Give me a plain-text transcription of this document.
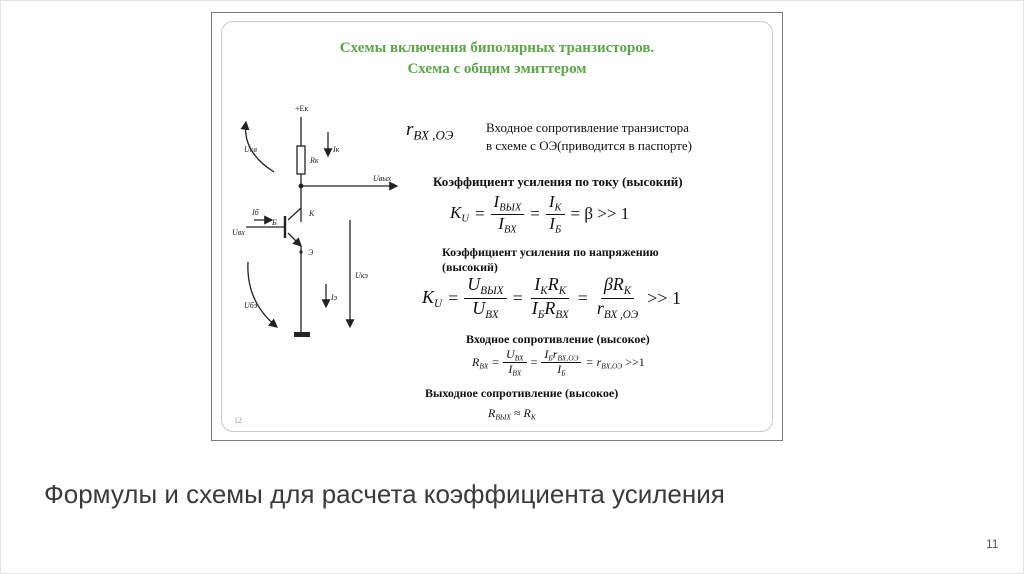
Схемы включения биполярных транзисторов.
Схема с общим эмиттером
+Eк
Rк
Iк
Uвых
Iб
Б
К
Э
Uвх
Uкэ
Iэ
Uкв
Uбэ
12
$r_{ВХ ,ОЭ}$
Входное сопротивление транзистора
в схеме с ОЭ(приводится в паспорте)
Коэффициент усиления по току (высокий)
$K_U = \frac{I_{ВЫХ}}{I_{ВХ}} = \frac{I_К}{I_Б} = \beta >> 1$
Коэффициент усиления по напряжению
(высокий)
$K_U = \frac{U_{ВЫХ}}{U_{ВХ}} = \frac{I_КR_К}{I_БR_{ВХ}} = \frac{\beta R_К}{r_{ВХ ,ОЭ}} >> 1$
Входное сопротивление (высокое)
$R_{ВХ} = \frac{U_{ВХ}}{I_{ВХ}} = \frac{I_Бr_{ВХ,ОЭ}}{I_Б} = r_{ВХ,ОЭ} >>1$
Выходное сопротивление (высокое)
$R_{ВЫХ} \approx R_К$
Формулы и схемы для расчета коэффициента усиления
11
